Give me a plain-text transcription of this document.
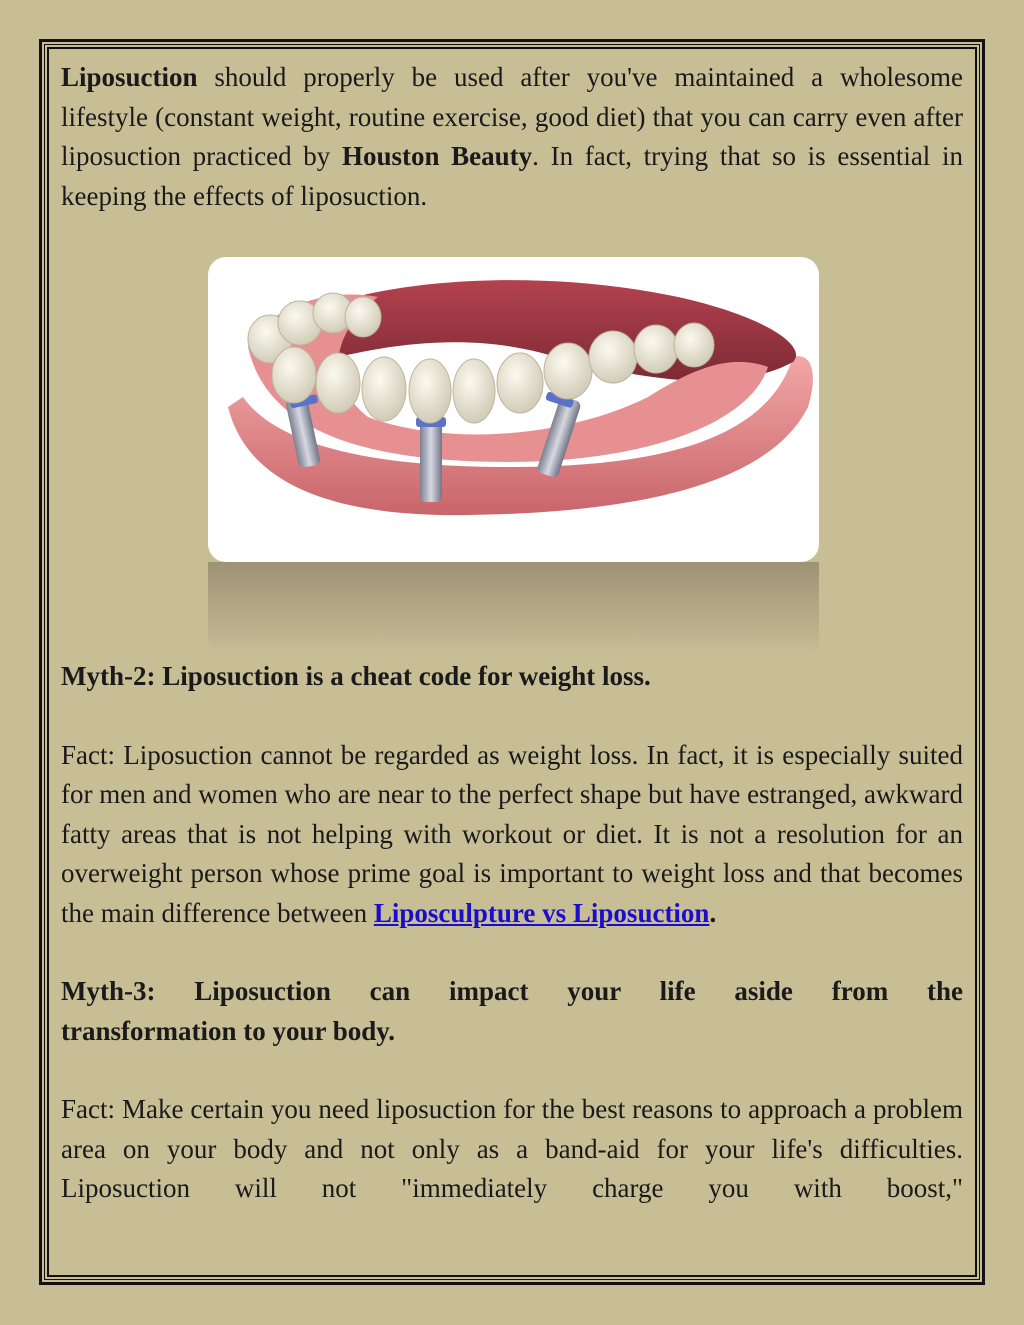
Liposuction should properly be used after you've maintained a wholesome lifestyle (constant weight, routine exercise, good diet) that you can carry even after liposuction practiced by Houston Beauty. In fact, trying that so is essential in keeping the effects of liposuction.

Myth-2: Liposuction is a cheat code for weight loss.

Fact: Liposuction cannot be regarded as weight loss. In fact, it is especially suited for men and women who are near to the perfect shape but have estranged, awkward fatty areas that is not helping with workout or diet. It is not a resolution for an overweight person whose prime goal is important to weight loss and that becomes the main difference between Liposculpture vs Liposuction.

Myth-3: Liposuction can impact your life aside from the

transformation to your body.

Fact: Make certain you need liposuction for the best reasons to approach a problem area on your body and not only as a band-aid for your life's difficulties. Liposuction will not "immediately charge you with boost,"
